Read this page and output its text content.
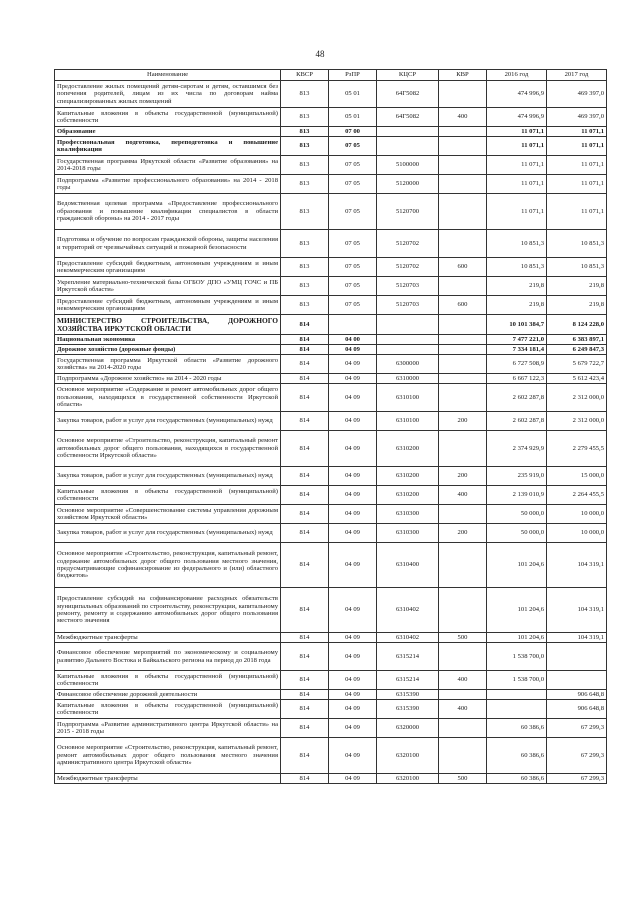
48
Наименование	КВСР	РзПР	КЦСР	КВР	2016 год	2017 год
Предоставление жилых помещений детям-сиротам и детям, оставшимся без попечения родителей, лицам из их числа по договорам найма специализированных жилых помещений	813	05 01	64Г5082		474 996,9	469 397,0
Капитальные вложения в объекты государственной (муниципальной) собственности	813	05 01	64Г5082	400	474 996,9	469 397,0
Образование	813	07 00			11 071,1	11 071,1
Профессиональная подготовка, переподготовка и повышение квалификации	813	07 05			11 071,1	11 071,1
Государственная программа Иркутской области «Развитие образования» на 2014-2018 годы	813	07 05	5100000		11 071,1	11 071,1
Подпрограмма «Развитие профессионального образования» на 2014 - 2018 годы	813	07 05	5120000		11 071,1	11 071,1
Ведомственная целевая программа «Предоставление профессионального образования и повышение квалификации специалистов в области гражданской обороны» на 2014 - 2017 годы	813	07 05	5120700		11 071,1	11 071,1
Подготовка и обучение по вопросам гражданской обороны, защиты населения и территорий от чрезвычайных ситуаций и пожарной безопасности	813	07 05	5120702		10 851,3	10 851,3
Предоставление субсидий бюджетным, автономным учреждениям и иным некоммерческим организациям	813	07 05	5120702	600	10 851,3	10 851,3
Укрепление материально-технической базы ОГБОУ ДПО «УМЦ ГОЧС и ПБ Иркутской области»	813	07 05	5120703		219,8	219,8
Предоставление субсидий бюджетным, автономным учреждениям и иным некоммерческим организациям	813	07 05	5120703	600	219,8	219,8
МИНИСТЕРСТВО СТРОИТЕЛЬСТВА, ДОРОЖНОГО ХОЗЯЙСТВА ИРКУТСКОЙ ОБЛАСТИ	814				10 101 384,7	8 124 228,0
Национальная экономика	814	04 00			7 477 221,0	6 383 897,1
Дорожное хозяйство (дорожные фонды)	814	04 09			7 334 181,4	6 249 847,3
Государственная программа Иркутской области «Развитие дорожного хозяйства» на 2014-2020 годы	814	04 09	6300000		6 727 508,9	5 679 722,7
Подпрограмма «Дорожное хозяйство» на 2014 - 2020 годы	814	04 09	6310000		6 667 122,3	5 612 423,4
Основное мероприятие «Содержание и ремонт автомобильных дорог общего пользования, находящихся в государственной собственности Иркутской области»	814	04 09	6310100		2 602 287,8	2 312 000,0
Закупка товаров, работ и услуг для государственных (муниципальных) нужд	814	04 09	6310100	200	2 602 287,8	2 312 000,0
Основное мероприятие «Строительство, реконструкция, капитальный ремонт автомобильных дорог общего пользования, находящихся в государственной собственности Иркутской области»	814	04 09	6310200		2 374 929,9	2 279 455,5
Закупка товаров, работ и услуг для государственных (муниципальных) нужд	814	04 09	6310200	200	235 919,0	15 000,0
Капитальные вложения в объекты государственной (муниципальной) собственности	814	04 09	6310200	400	2 139 010,9	2 264 455,5
Основное мероприятие «Совершенствование системы управления дорожным хозяйством Иркутской области»	814	04 09	6310300		50 000,0	10 000,0
Закупка товаров, работ и услуг для государственных (муниципальных) нужд	814	04 09	6310300	200	50 000,0	10 000,0
Основное мероприятие «Строительство, реконструкция, капитальный ремонт, содержание автомобильных дорог общего пользования местного значения, предусматривающие софинансирование из федерального и (или) областного бюджетов»	814	04 09	6310400		101 204,6	104 319,1
Предоставление субсидий на софинансирование расходных обязательств муниципальных образований по строительству, реконструкции, капитальному ремонту, ремонту и содержанию автомобильных дорог общего пользования местного значения	814	04 09	6310402		101 204,6	104 319,1
Межбюджетные трансферты	814	04 09	6310402	500	101 204,6	104 319,1
Финансовое обеспечение мероприятий по экономическому и социальному развитию Дальнего Востока и Байкальского региона на период до 2018 года	814	04 09	6315214		1 538 700,0	
Капитальные вложения в объекты государственной (муниципальной) собственности	814	04 09	6315214	400	1 538 700,0	
Финансовое обеспечение дорожной деятельности	814	04 09	6315390			906 648,8
Капитальные вложения в объекты государственной (муниципальной) собственности	814	04 09	6315390	400		906 648,8
Подпрограмма «Развитие административного центра Иркутской области» на 2015 - 2018 годы	814	04 09	6320000		60 386,6	67 299,3
Основное мероприятие «Строительство, реконструкция, капитальный ремонт, ремонт автомобильных дорог общего пользования местного значения административного центра Иркутской области»	814	04 09	6320100		60 386,6	67 299,3
Межбюджетные трансферты	814	04 09	6320100	500	60 386,6	67 299,3
